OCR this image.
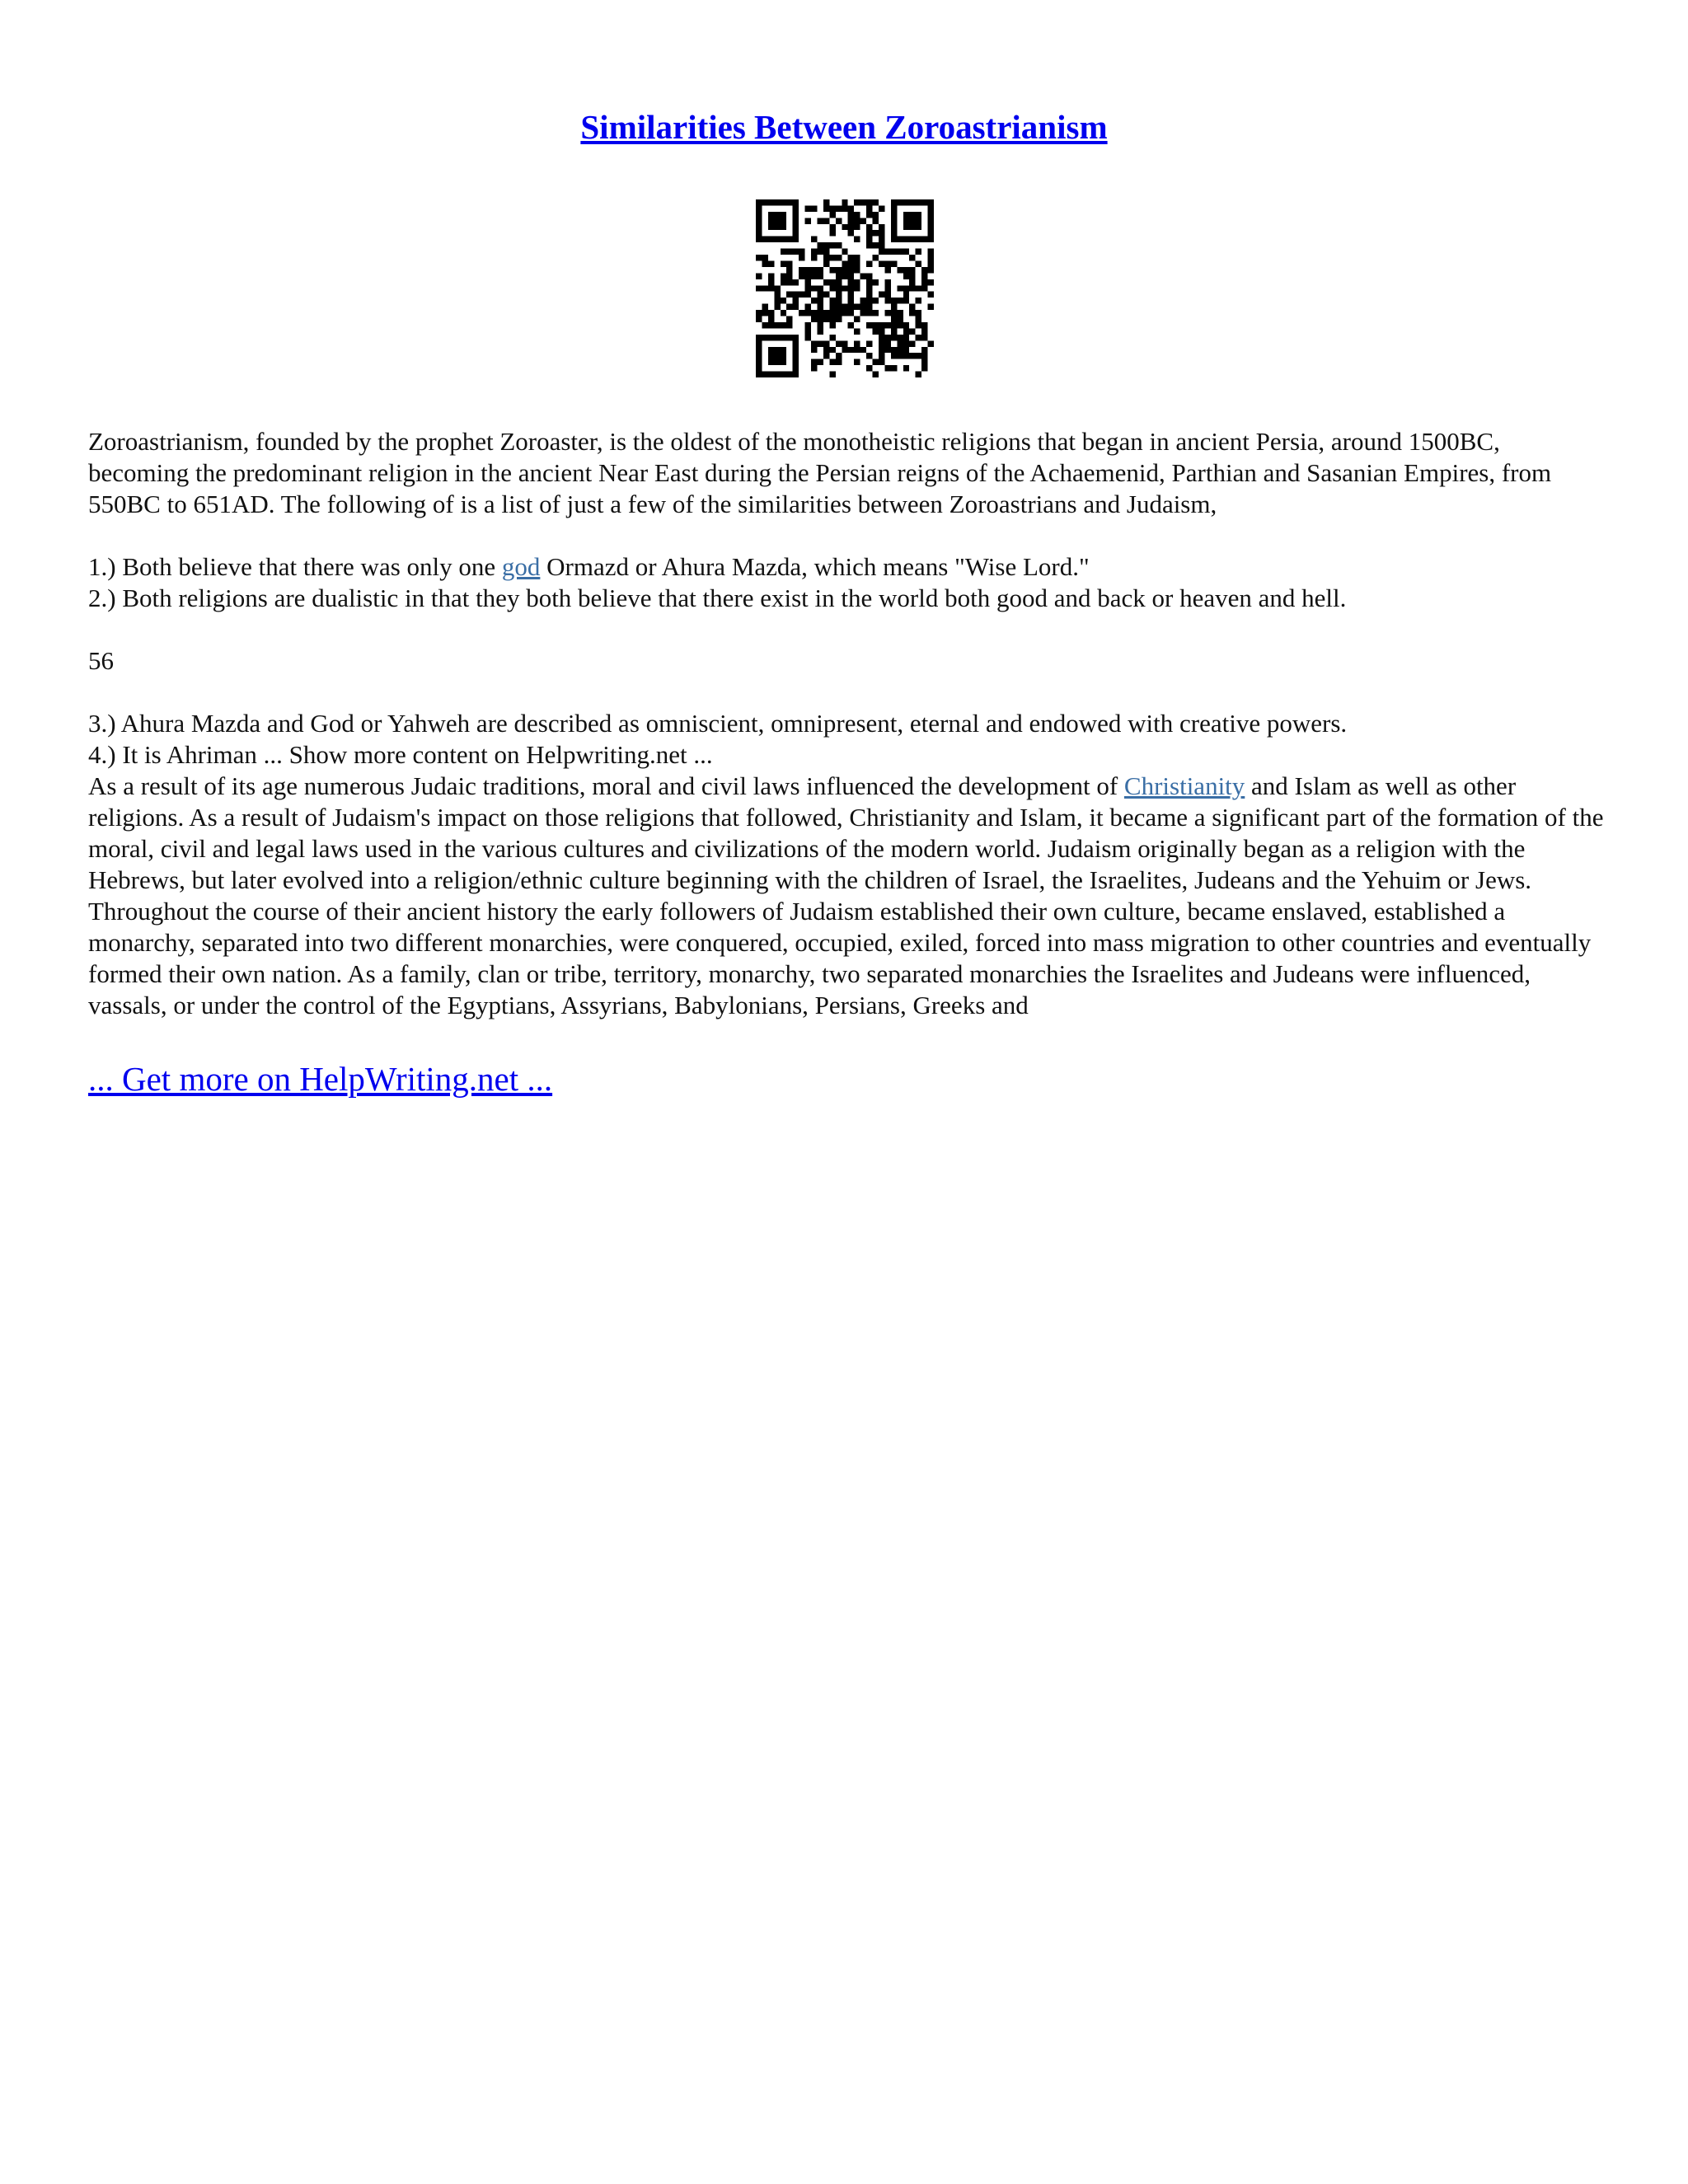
Similarities Between Zoroastrianism

Zoroastrianism, founded by the prophet Zoroaster, is the oldest of the monotheistic religions that began in ancient Persia, around 1500BC, becoming the predominant religion in the ancient Near East during the Persian reigns of the Achaemenid, Parthian and Sasanian Empires, from 550BC to 651AD. The following of is a list of just a few of the similarities between Zoroastrians and Judaism,

1.) Both believe that there was only one god Ormazd or Ahura Mazda, which means "Wise Lord."

2.) Both religions are dualistic in that they both believe that there exist in the world both good and back or heaven and hell.

56

3.) Ahura Mazda and God or Yahweh are described as omniscient, omnipresent, eternal and endowed with creative powers.

4.) It is Ahriman ... Show more content on Helpwriting.net ...

As a result of its age numerous Judaic traditions, moral and civil laws influenced the development of Christianity and Islam as well as other religions. As a result of Judaism's impact on those religions that followed, Christianity and Islam, it became a significant part of the formation of the moral, civil and legal laws used in the various cultures and civilizations of the modern world. Judaism originally began as a religion with the Hebrews, but later evolved into a religion/ethnic culture beginning with the children of Israel, the Israelites, Judeans and the Yehuim or Jews. Throughout the course of their ancient history the early followers of Judaism established their own culture, became enslaved, established a monarchy, separated into two different monarchies, were conquered, occupied, exiled, forced into mass migration to other countries and eventually formed their own nation. As a family, clan or tribe, territory, monarchy, two separated monarchies the Israelites and Judeans were influenced, vassals, or under the control of the Egyptians, Assyrians, Babylonians, Persians, Greeks and

... Get more on HelpWriting.net ...
